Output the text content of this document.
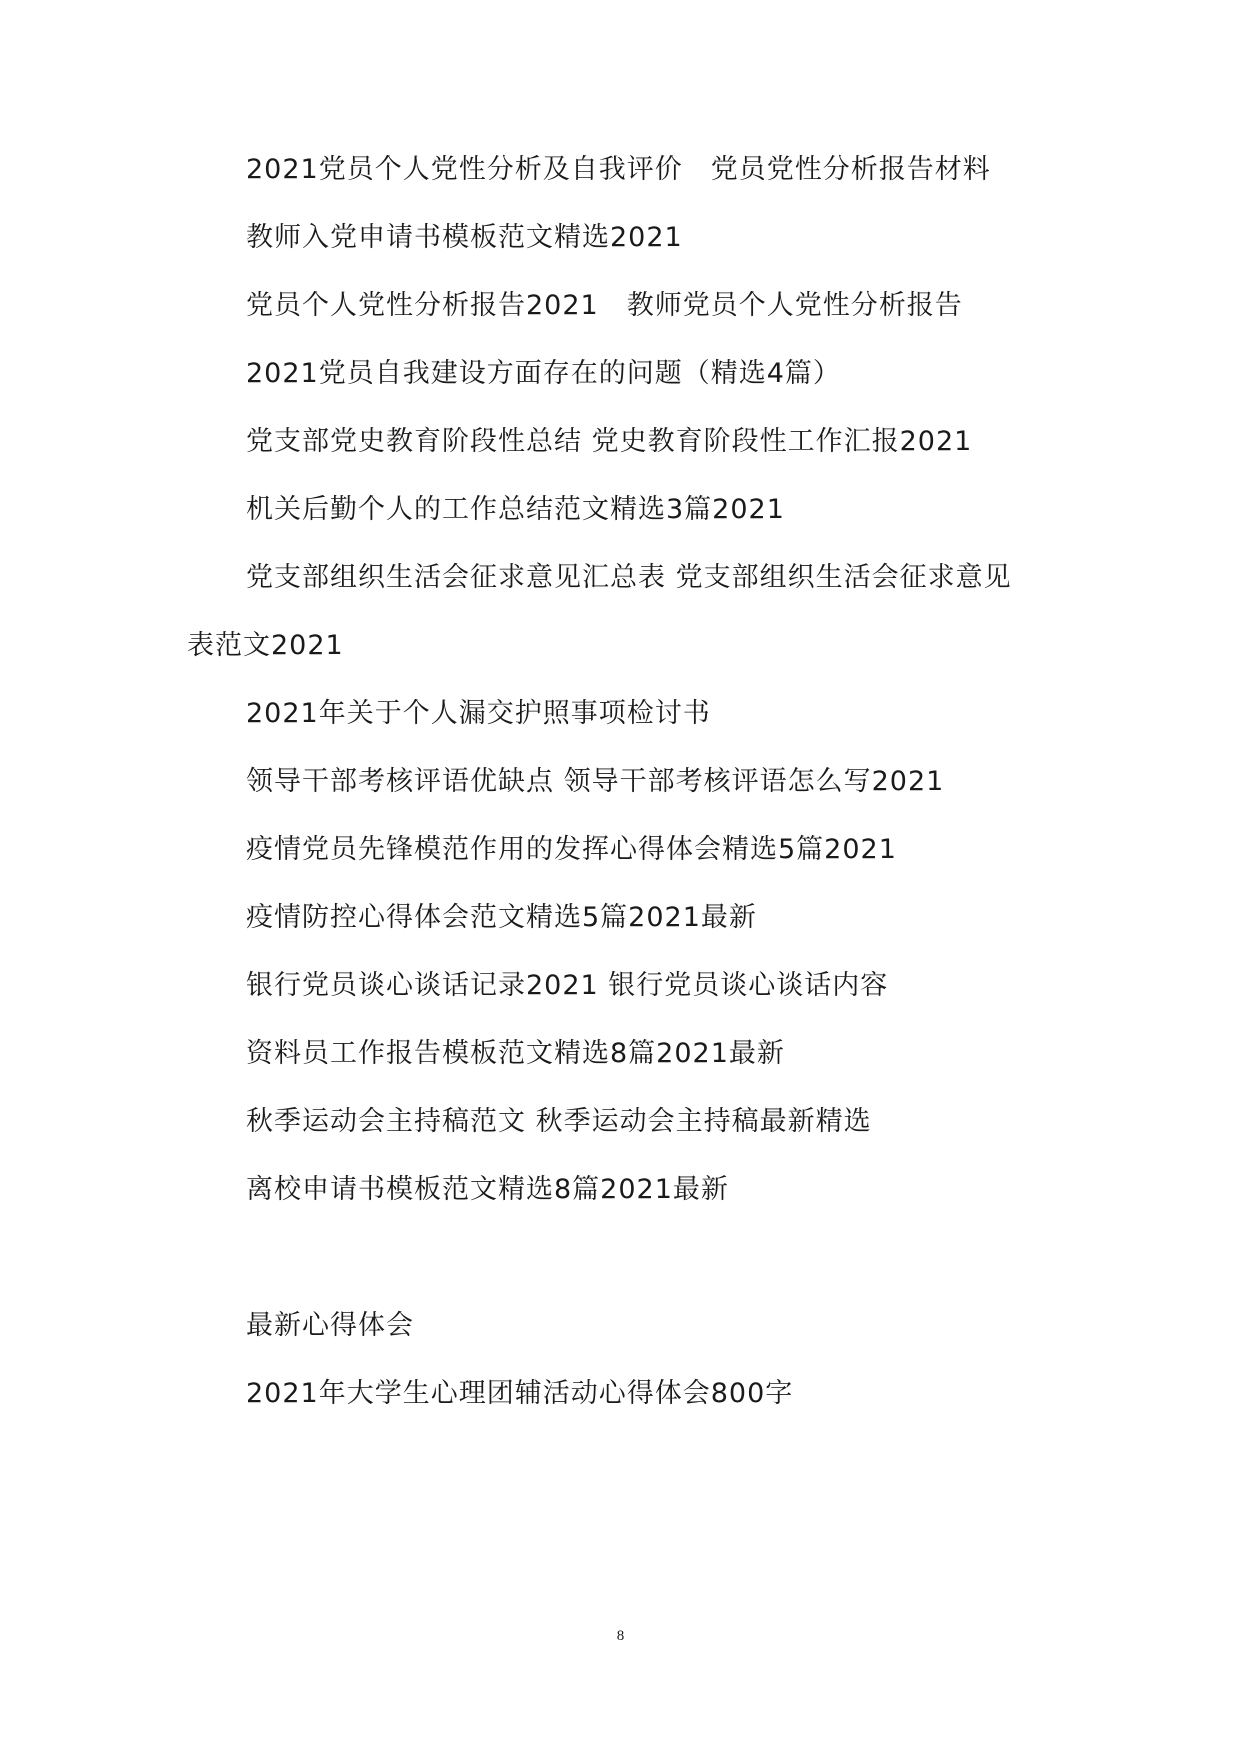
2021党员个人党性分析及自我评价　党员党性分析报告材料
教师入党申请书模板范文精选2021
党员个人党性分析报告2021　教师党员个人党性分析报告
2021党员自我建设方面存在的问题（精选4篇）
党支部党史教育阶段性总结 党史教育阶段性工作汇报2021
机关后勤个人的工作总结范文精选3篇2021
党支部组织生活会征求意见汇总表 党支部组织生活会征求意见
表范文2021
2021年关于个人漏交护照事项检讨书
领导干部考核评语优缺点 领导干部考核评语怎么写2021
疫情党员先锋模范作用的发挥心得体会精选5篇2021
疫情防控心得体会范文精选5篇2021最新
银行党员谈心谈话记录2021 银行党员谈心谈话内容
资料员工作报告模板范文精选8篇2021最新
秋季运动会主持稿范文 秋季运动会主持稿最新精选
离校申请书模板范文精选8篇2021最新
最新心得体会
2021年大学生心理团辅活动心得体会800字
8
